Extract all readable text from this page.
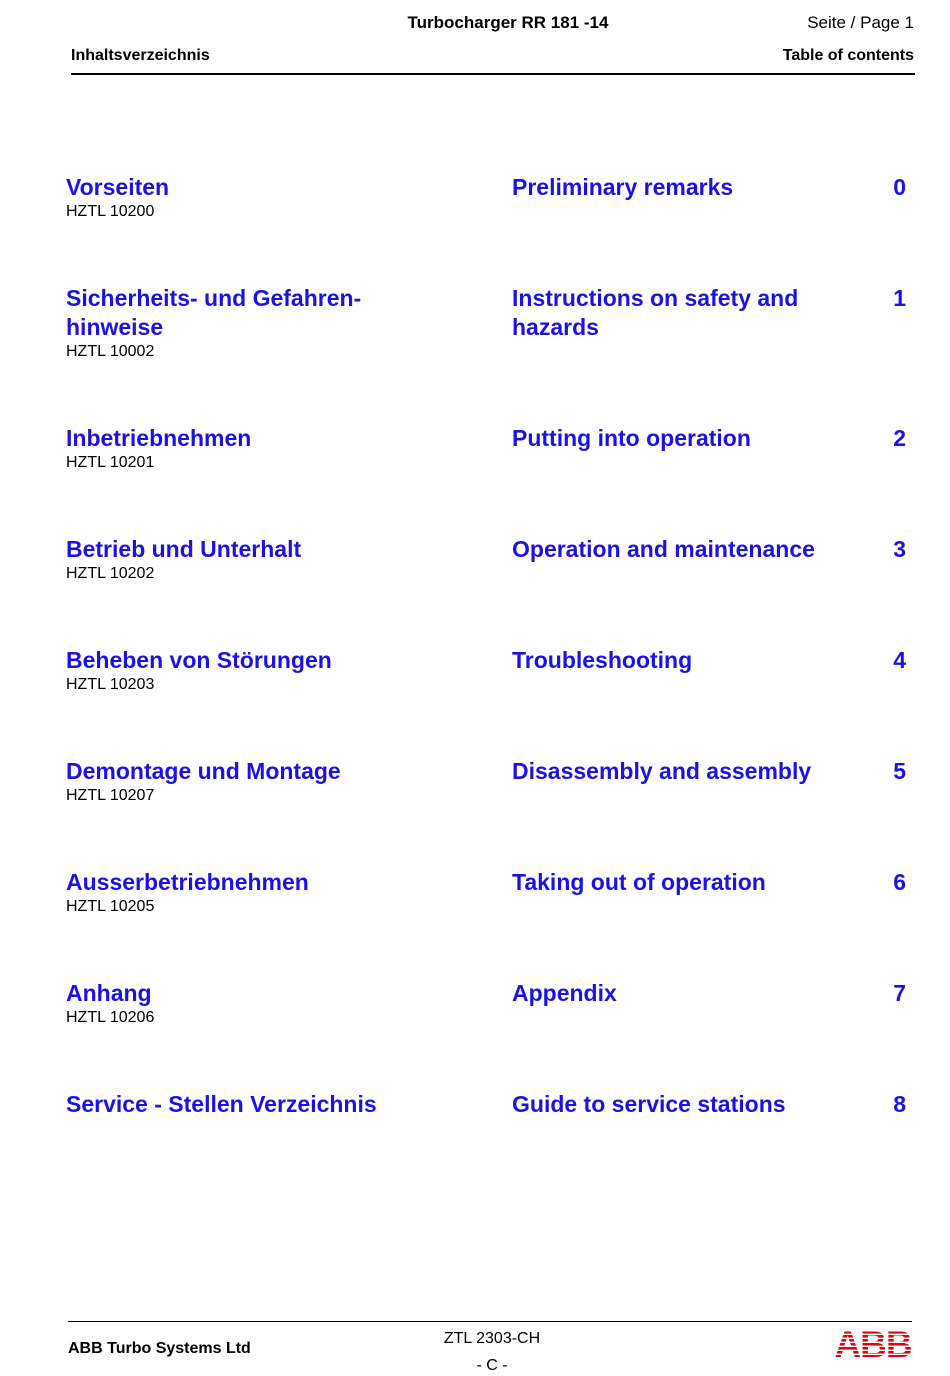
Turbocharger RR 181 -14	Seite / Page 1
Inhaltsverzeichnis	Table of contents
Vorseiten
HZTL 10200
Preliminary remarks	0
Sicherheits- und Gefahren-
hinweise
HZTL 10002
Instructions on safety and
hazards
1
Inbetriebnehmen
HZTL 10201
Putting into operation	2
Betrieb und Unterhalt
HZTL 10202
Operation and maintenance	3
Beheben von Störungen
HZTL 10203
Troubleshooting	4
Demontage und Montage
HZTL 10207
Disassembly and assembly	5
Ausserbetriebnehmen
HZTL 10205
Taking out of operation	6
Anhang
HZTL 10206
Appendix	7
Service - Stellen Verzeichnis	Guide to service stations	8
ABB Turbo Systems Ltd
ZTL 2303-CH
- C -
ABB
